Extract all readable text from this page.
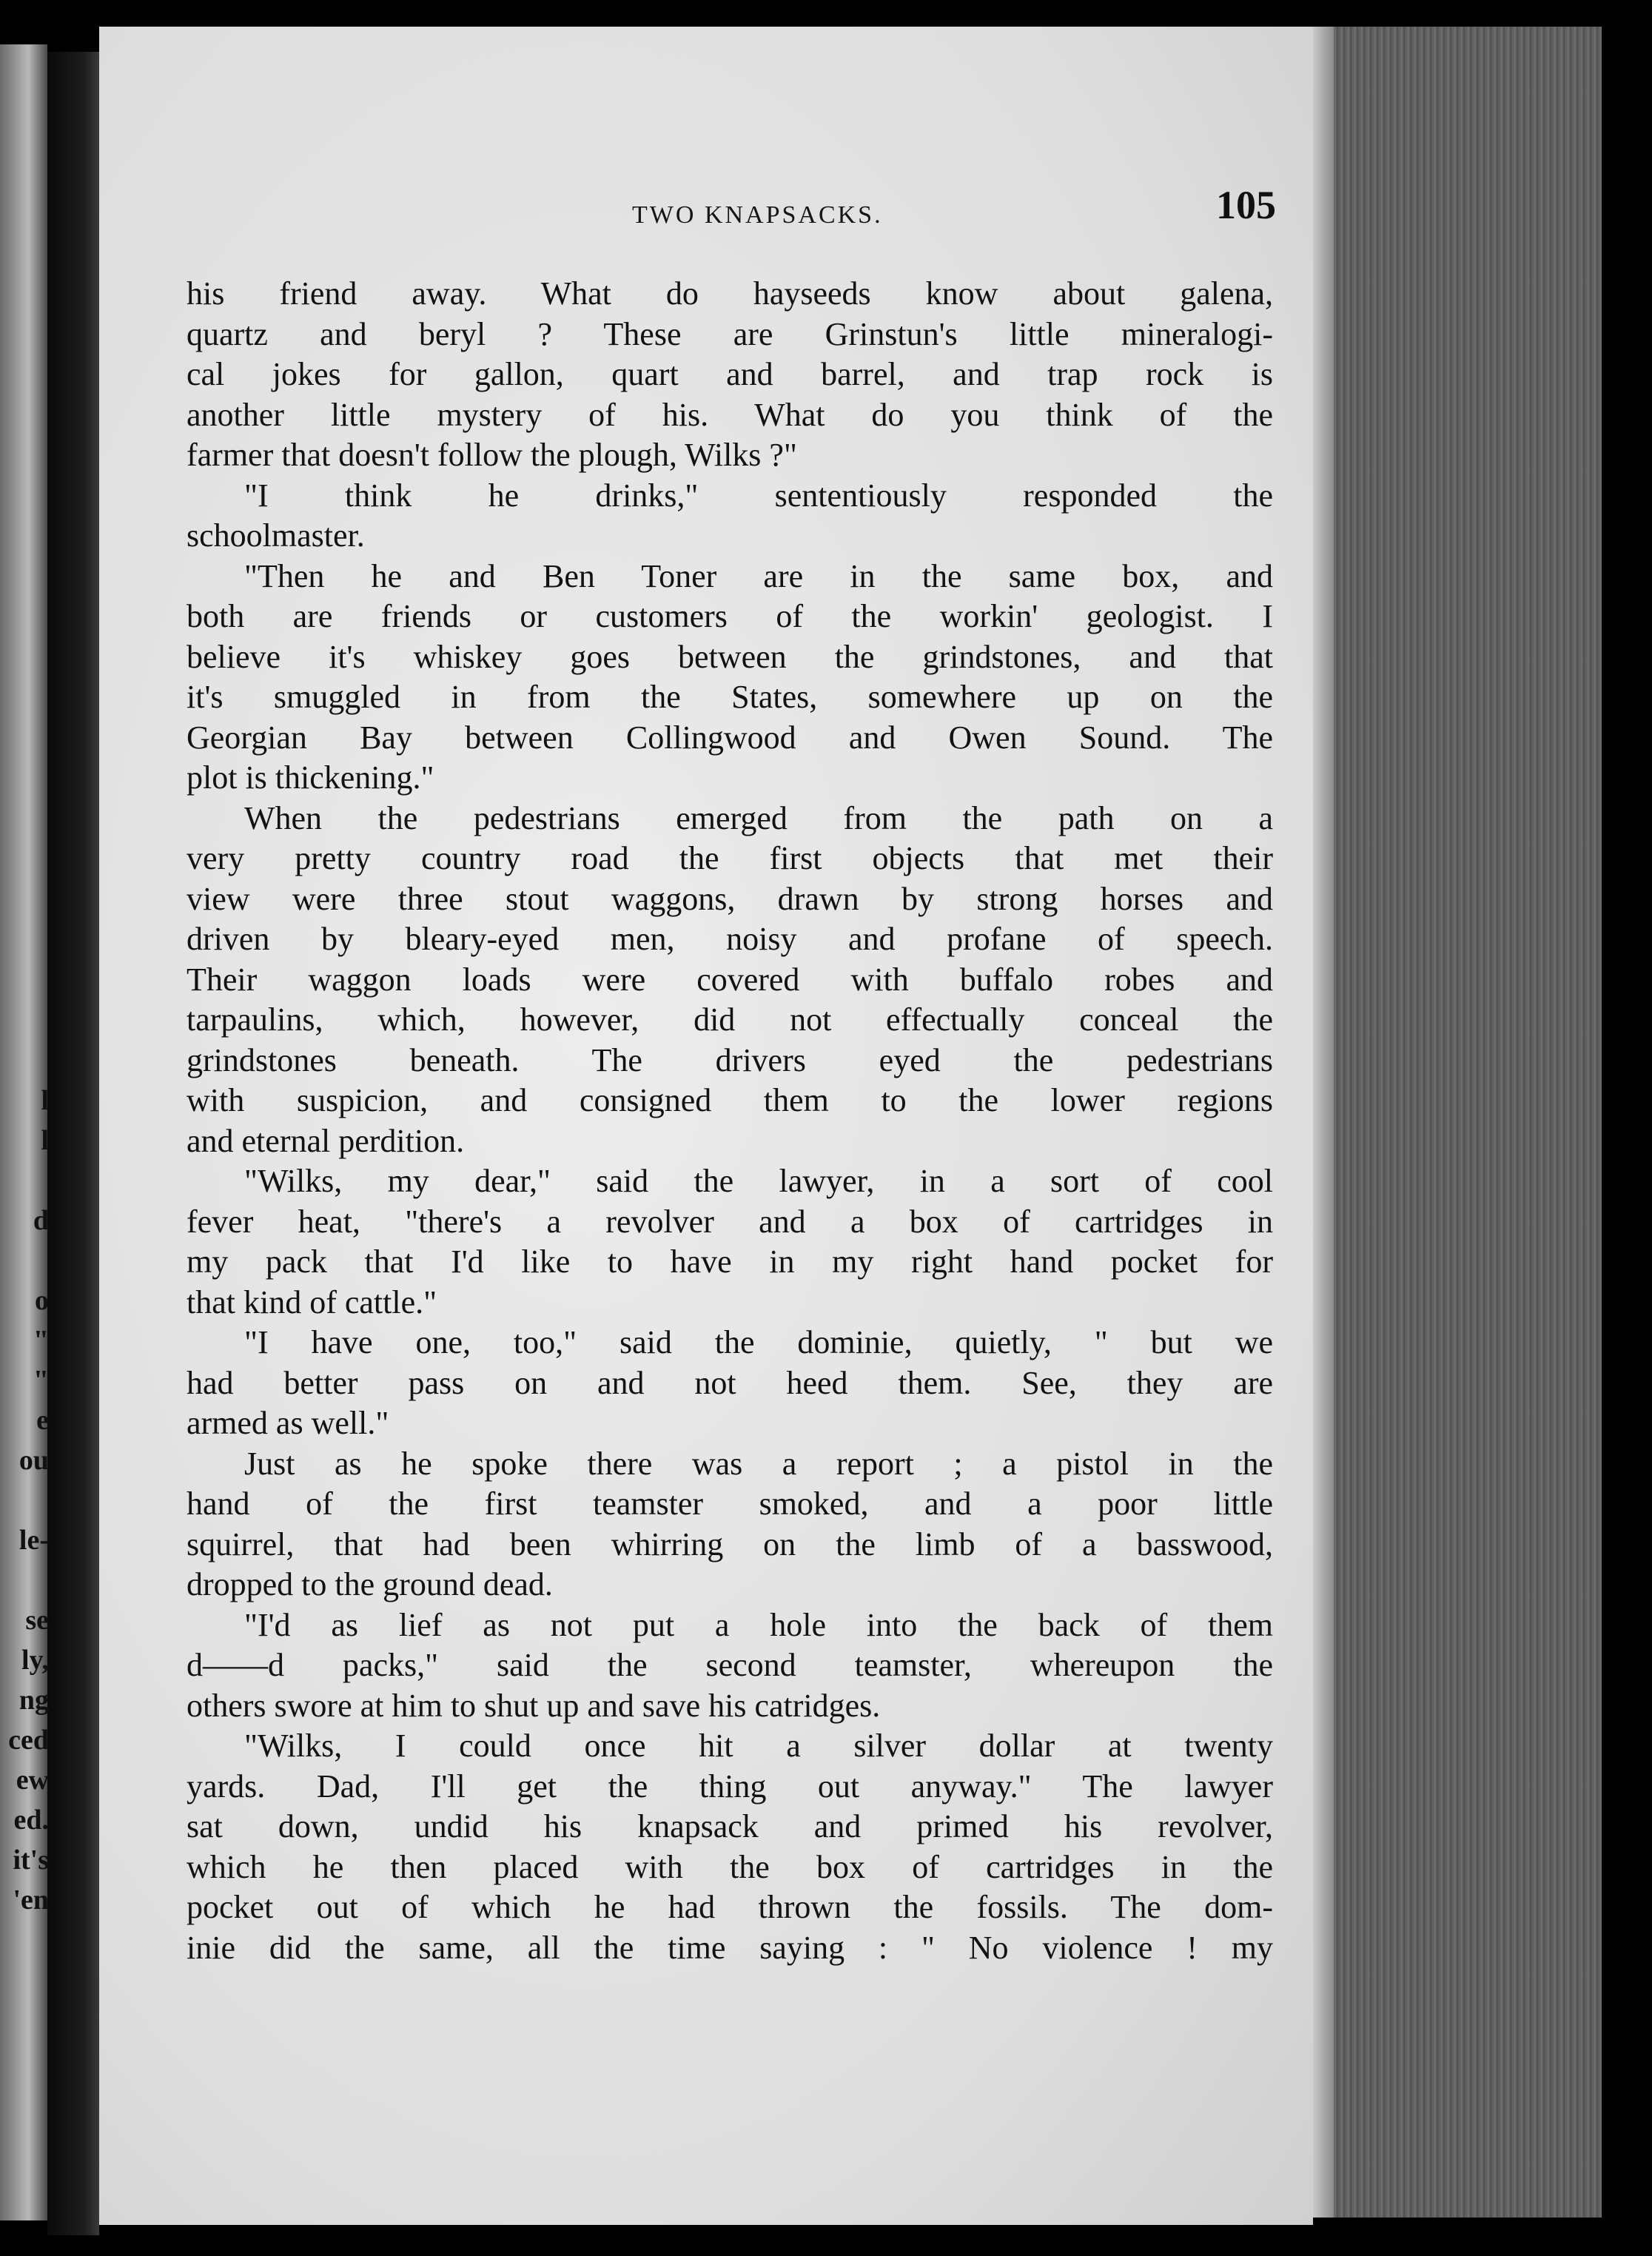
l
l
d
o
"
"
e
ou
le-
se
ly,
ng
ced
ew
ed.
it's
'en
TWO KNAPSACKS.	105
his friend away. What do hayseeds know about galena,
quartz and beryl ? These are Grinstun's little mineralogi-
cal jokes for gallon, quart and barrel, and trap rock is
another little mystery of his. What do you think of the
farmer that doesn't follow the plough, Wilks ?"
"I think he drinks," sententiously responded the
schoolmaster.
"Then he and Ben Toner are in the same box, and
both are friends or customers of the workin' geologist. I
believe it's whiskey goes between the grindstones, and that
it's smuggled in from the States, somewhere up on the
Georgian Bay between Collingwood and Owen Sound. The
plot is thickening."
When the pedestrians emerged from the path on a
very pretty country road the first objects that met their
view were three stout waggons, drawn by strong horses and
driven by bleary-eyed men, noisy and profane of speech.
Their waggon loads were covered with buffalo robes and
tarpaulins, which, however, did not effectually conceal the
grindstones beneath. The drivers eyed the pedestrians
with suspicion, and consigned them to the lower regions
and eternal perdition.
"Wilks, my dear," said the lawyer, in a sort of cool
fever heat, "there's a revolver and a box of cartridges in
my pack that I'd like to have in my right hand pocket for
that kind of cattle."
"I have one, too," said the dominie, quietly, " but we
had better pass on and not heed them. See, they are
armed as well."
Just as he spoke there was a report ; a pistol in the
hand of the first teamster smoked, and a poor little
squirrel, that had been whirring on the limb of a basswood,
dropped to the ground dead.
"I'd as lief as not put a hole into the back of them
d——d packs," said the second teamster, whereupon the
others swore at him to shut up and save his catridges.
"Wilks, I could once hit a silver dollar at twenty
yards. Dad, I'll get the thing out anyway." The lawyer
sat down, undid his knapsack and primed his revolver,
which he then placed with the box of cartridges in the
pocket out of which he had thrown the fossils. The dom-
inie did the same, all the time saying : " No violence ! my
